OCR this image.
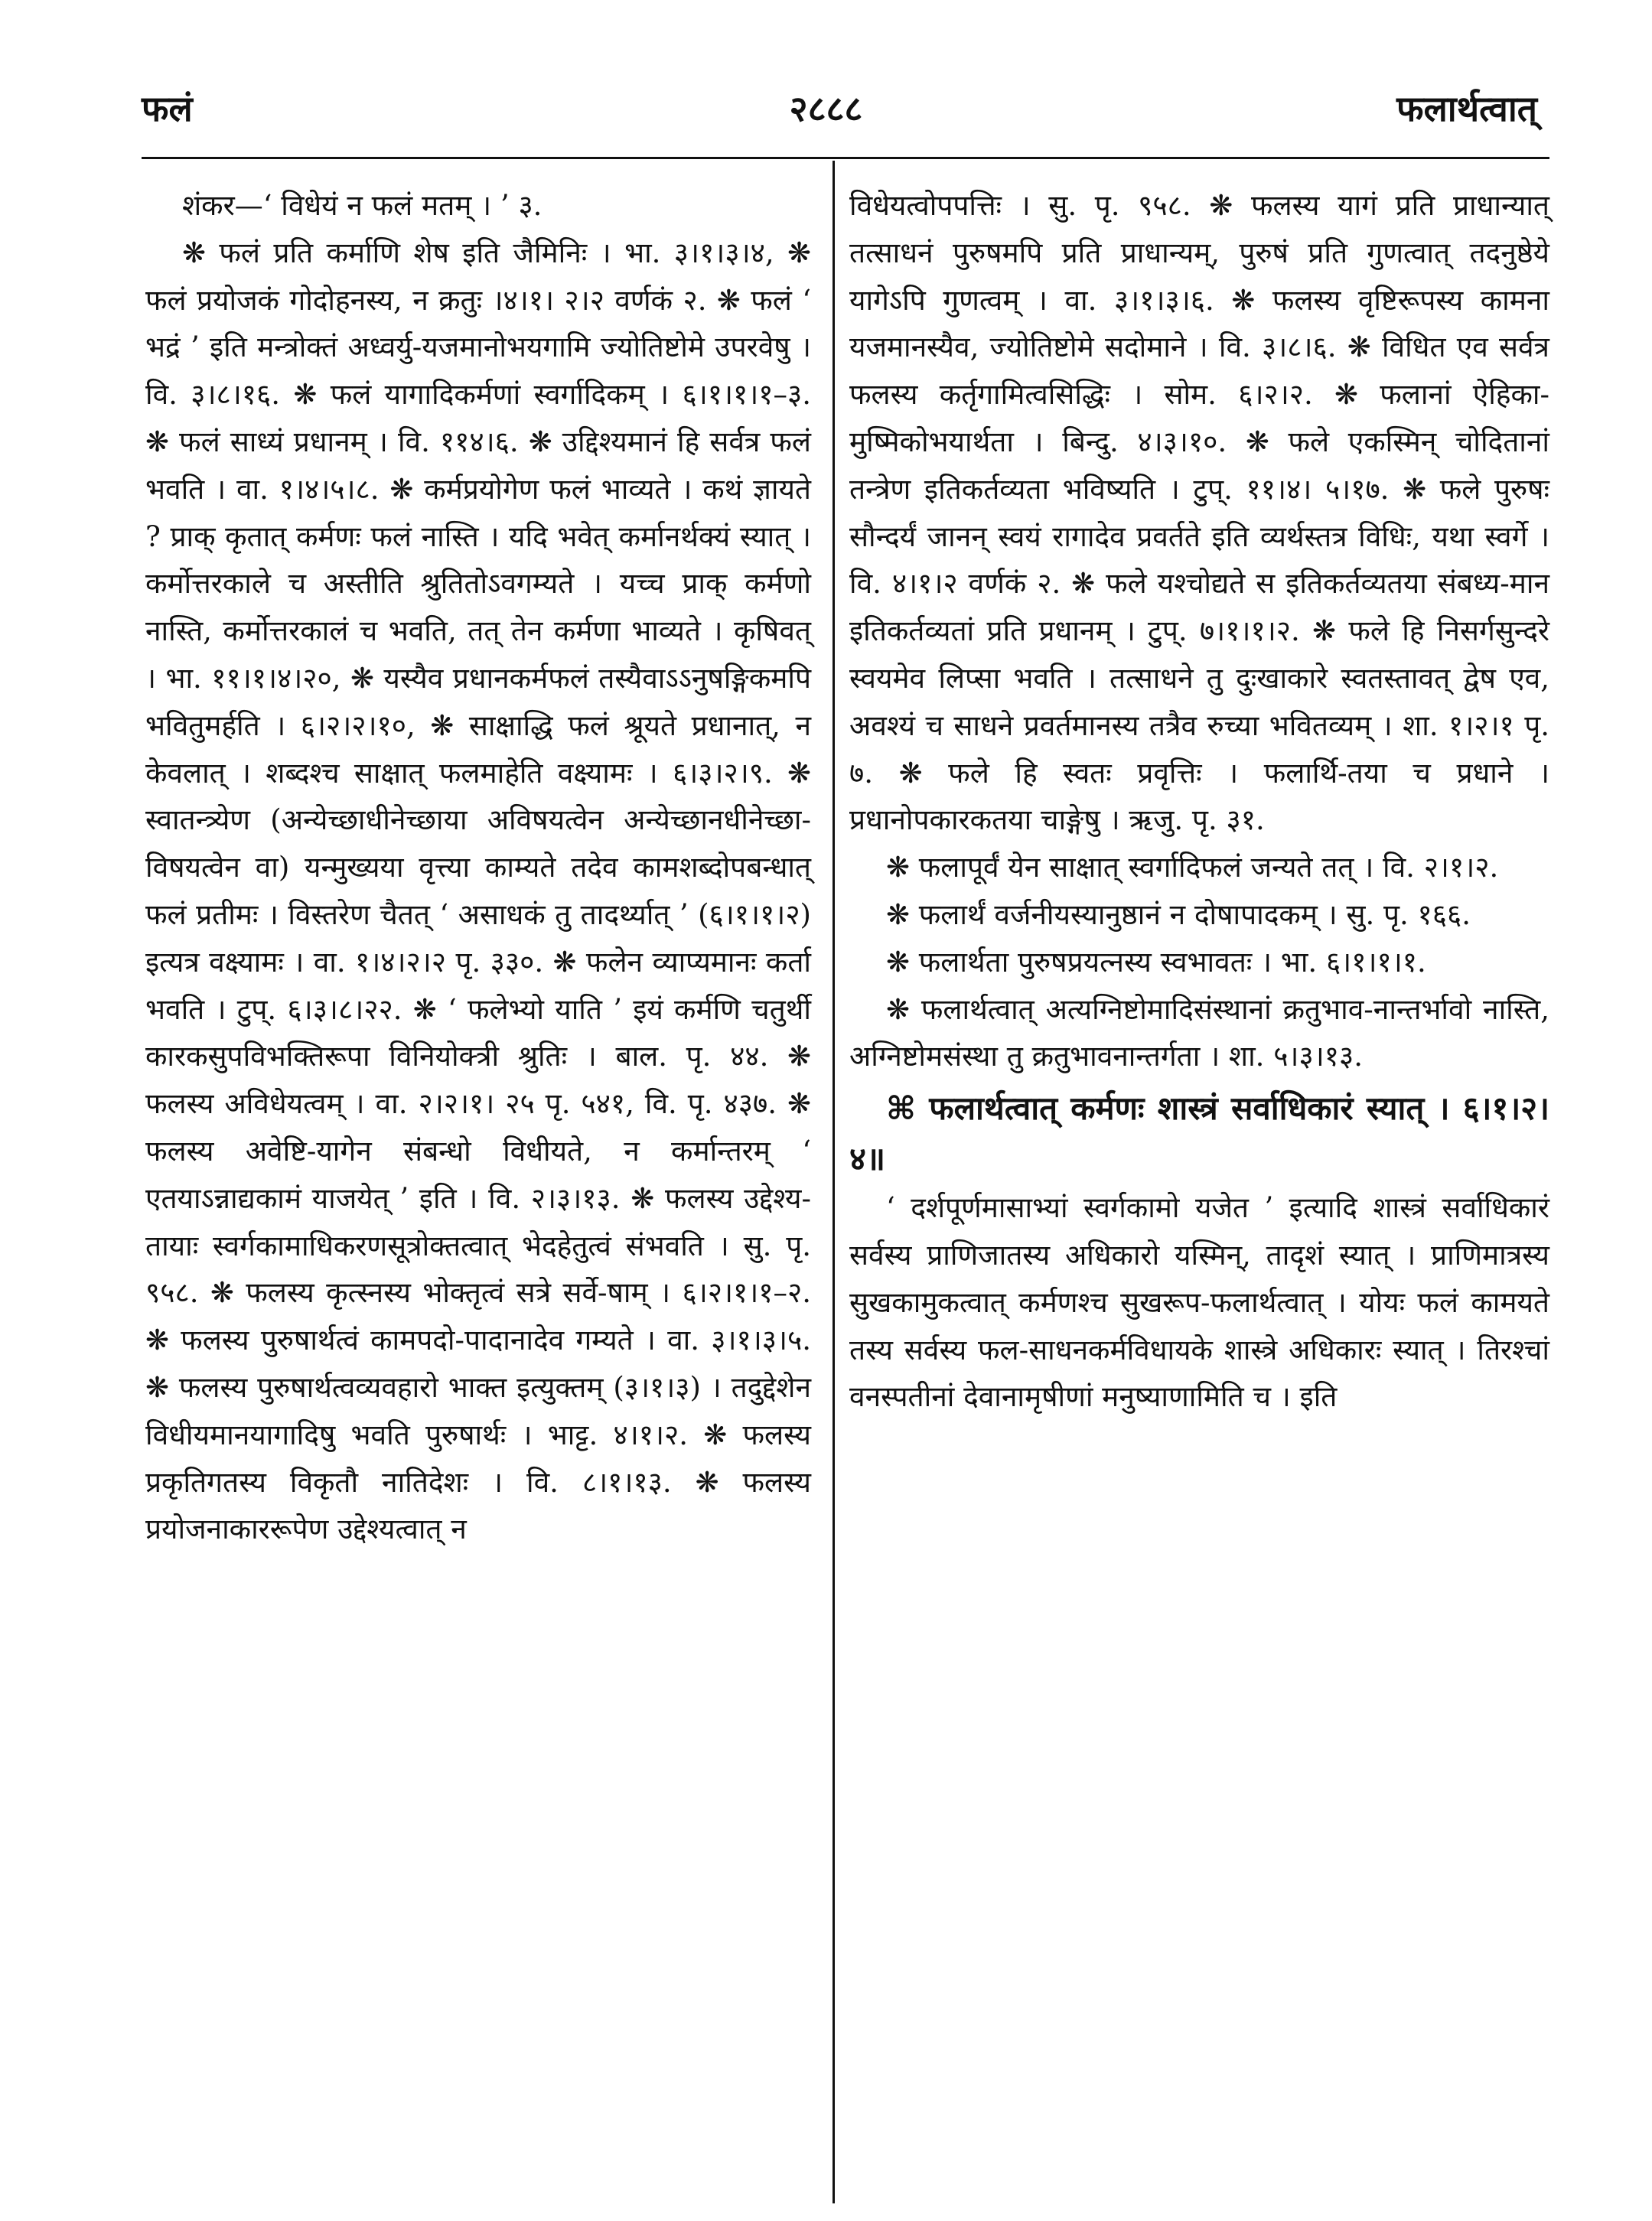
फलं	२८८८	फलार्थत्वात्

शंकर—‘ विधेयं न फलं मतम् । ’ ३.

❋ फलं प्रति कर्माणि शेष इति जैमिनिः । भा. ३।१।३।४, ❋ फलं प्रयोजकं गोदोहनस्य, न क्रतुः ।४।१। २।२ वर्णकं २. ❋ फलं ‘ भद्रं ’ इति मन्त्रोक्तं अध्वर्यु-यजमानोभयगामि ज्योतिष्टोमे उपरवेषु । वि. ३।८।१६. ❋ फलं यागादिकर्मणां स्वर्गादिकम् । ६।१।१।१–३. ❋ फलं साध्यं प्रधानम् । वि. ११४।६. ❋ उद्दिश्यमानं हि सर्वत्र फलं भवति । वा. १।४।५।८. ❋ कर्मप्रयोगेण फलं भाव्यते । कथं ज्ञायते ? प्राक् कृतात् कर्मणः फलं नास्ति । यदि भवेत् कर्मानर्थक्यं स्यात् । कर्मोत्तरकाले च अस्तीति श्रुतितोऽवगम्यते । यच्च प्राक् कर्मणो नास्ति, कर्मोत्तरकालं च भवति, तत् तेन कर्मणा भाव्यते । कृषिवत् । भा. ११।१।४।२०, ❋ यस्यैव प्रधानकर्मफलं तस्यैवाऽऽनुषङ्गिकमपि भवितुमर्हति । ६।२।२।१०, ❋ साक्षाद्धि फलं श्रूयते प्रधानात्, न केवलात् । शब्दश्च साक्षात् फलमाहेति वक्ष्यामः । ६।३।२।९. ❋ स्वातन्त्र्येण (अन्येच्छाधीनेच्छाया अविषयत्वेन अन्येच्छानधीनेच्छा-विषयत्वेन वा) यन्मुख्यया वृत्त्या काम्यते तदेव कामशब्दोपबन्धात् फलं प्रतीमः । विस्तरेण चैतत् ‘ असाधकं तु तादर्थ्यात् ’ (६।१।१।२) इत्यत्र वक्ष्यामः । वा. १।४।२।२ पृ. ३३०. ❋ फलेन व्याप्यमानः कर्ता भवति । टुप्. ६।३।८।२२. ❋ ‘ फलेभ्यो याति ’ इयं कर्मणि चतुर्थी कारकसुपविभक्तिरूपा विनियोक्त्री श्रुतिः । बाल. पृ. ४४. ❋ फलस्य अविधेयत्वम् । वा. २।२।१। २५ पृ. ५४१, वि. पृ. ४३७. ❋ फलस्य अवेष्टि-यागेन संबन्धो विधीयते, न कर्मान्तरम् ‘ एतयाऽन्नाद्यकामं याजयेत् ’ इति । वि. २।३।१३. ❋ फलस्य उद्देश्य-तायाः स्वर्गकामाधिकरणसूत्रोक्तत्वात् भेदहेतुत्वं संभवति । सु. पृ. ९५८. ❋ फलस्य कृत्स्नस्य भोक्तृत्वं सत्रे सर्वे-षाम् । ६।२।१।१–२. ❋ फलस्य पुरुषार्थत्वं कामपदो-पादानादेव गम्यते । वा. ३।१।३।५. ❋ फलस्य पुरुषार्थत्वव्यवहारो भाक्त इत्युक्तम् (३।१।३) । तदुद्देशेन विधीयमानयागादिषु भवति पुरुषार्थः । भाट्ट. ४।१।२. ❋ फलस्य प्रकृतिगतस्य विकृतौ नातिदेशः । वि. ८।१।१३. ❋ फलस्य प्रयोजनाकाररूपेण उद्देश्यत्वात् न

विधेयत्वोपपत्तिः । सु. पृ. ९५८. ❋ फलस्य यागं प्रति प्राधान्यात् तत्साधनं पुरुषमपि प्रति प्राधान्यम्, पुरुषं प्रति गुणत्वात् तदनुष्ठेये यागेऽपि गुणत्वम् । वा. ३।१।३।६. ❋ फलस्य वृष्टिरूपस्य कामना यजमानस्यैव, ज्योतिष्टोमे सदोमाने । वि. ३।८।६. ❋ विधित एव सर्वत्र फलस्य कर्तृगामित्वसिद्धिः । सोम. ६।२।२. ❋ फलानां ऐहिका-मुष्मिकोभयार्थता । बिन्दु. ४।३।१०. ❋ फले एकस्मिन् चोदितानां तन्त्रेण इतिकर्तव्यता भविष्यति । टुप्. ११।४। ५।१७. ❋ फले पुरुषः सौन्दर्यं जानन् स्वयं रागादेव प्रवर्तते इति व्यर्थस्तत्र विधिः, यथा स्वर्गे । वि. ४।१।२ वर्णकं २. ❋ फले यश्चोद्यते स इतिकर्तव्यतया संबध्य-मान इतिकर्तव्यतां प्रति प्रधानम् । टुप्. ७।१।१।२. ❋ फले हि निसर्गसुन्दरे स्वयमेव लिप्सा भवति । तत्साधने तु दुःखाकारे स्वतस्तावत् द्वेष एव, अवश्यं च साधने प्रवर्तमानस्य तत्रैव रुच्या भवितव्यम् । शा. १।२।१ पृ. ७. ❋ फले हि स्वतः प्रवृत्तिः । फलार्थि-तया च प्रधाने । प्रधानोपकारकतया चाङ्गेषु । ऋजु. पृ. ३१.

❋ फलापूर्वं येन साक्षात् स्वर्गादिफलं जन्यते तत् । वि. २।१।२.

❋ फलार्थं वर्जनीयस्यानुष्ठानं न दोषापादकम् । सु. पृ. १६६.

❋ फलार्थता पुरुषप्रयत्नस्य स्वभावतः । भा. ६।१।१।१.

❋ फलार्थत्वात् अत्यग्निष्टोमादिसंस्थानां क्रतुभाव-नान्तर्भावो नास्ति, अग्निष्टोमसंस्था तु क्रतुभावनान्तर्गता । शा. ५।३।१३.

⌘ फलार्थत्वात् कर्मणः शास्त्रं सर्वाधिकारं स्यात् । ६।१।२।४॥

‘ दर्शपूर्णमासाभ्यां स्वर्गकामो यजेत ’ इत्यादि शास्त्रं सर्वाधिकारं सर्वस्य प्राणिजातस्य अधिकारो यस्मिन्, तादृशं स्यात् । प्राणिमात्रस्य सुखकामुकत्वात् कर्मणश्च सुखरूप-फलार्थत्वात् । योयः फलं कामयते तस्य सर्वस्य फल-साधनकर्मविधायके शास्त्रे अधिकारः स्यात् । तिरश्चां वनस्पतीनां देवानामृषीणां मनुष्याणामिति च । इति
